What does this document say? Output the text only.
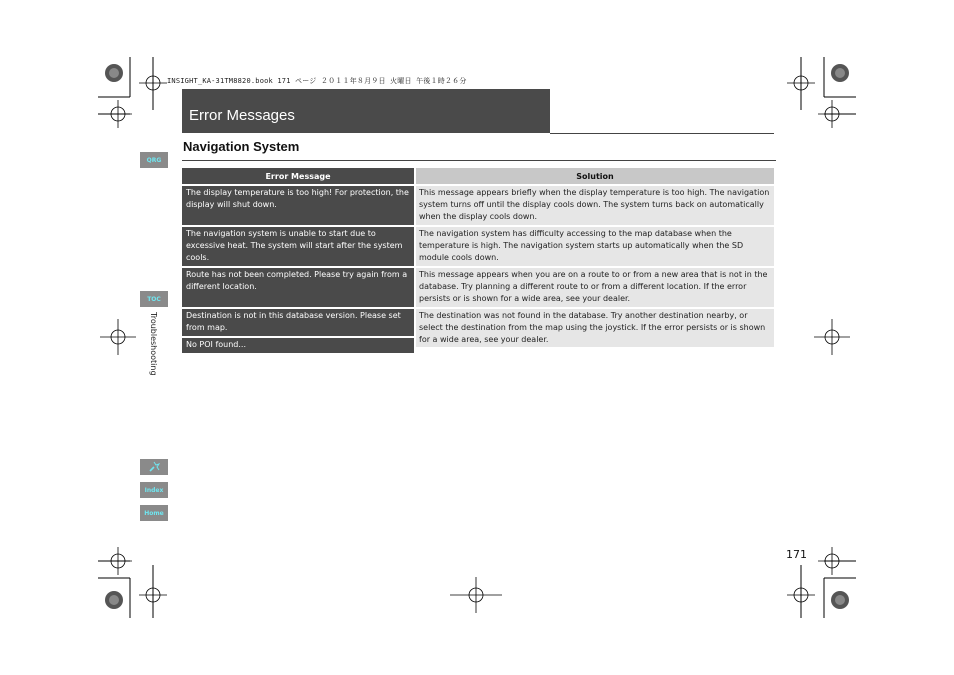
INSIGHT_KA-31TM8820.book 171 ページ ２０１１年８月９日 火曜日 午後１時２６分
Error Messages
Navigation System
Error Message	Solution
The display temperature is too high! For protection, the display will shut down.
This message appears briefly when the display temperature is too high. The navigation system turns off until the display cools down. The system turns back on automatically when the display cools down.
The navigation system is unable to start due to excessive heat. The system will start after the system cools.
The navigation system has difficulty accessing to the map database when the temperature is high. The navigation system starts up automatically when the SD module cools down.
Route has not been completed. Please try again from a different location.
This message appears when you are on a route to or from a new area that is not in the database. Try planning a different route to or from a different location. If the error persists or is shown for a wide area, see your dealer.
Destination is not in this database version. Please set from map.
No POI found...
The destination was not found in the database. Try another destination nearby, or select the destination from the map using the joystick. If the error persists or is shown for a wide area, see your dealer.
QRG
TOC
Troubleshooting
Index
Home
171
